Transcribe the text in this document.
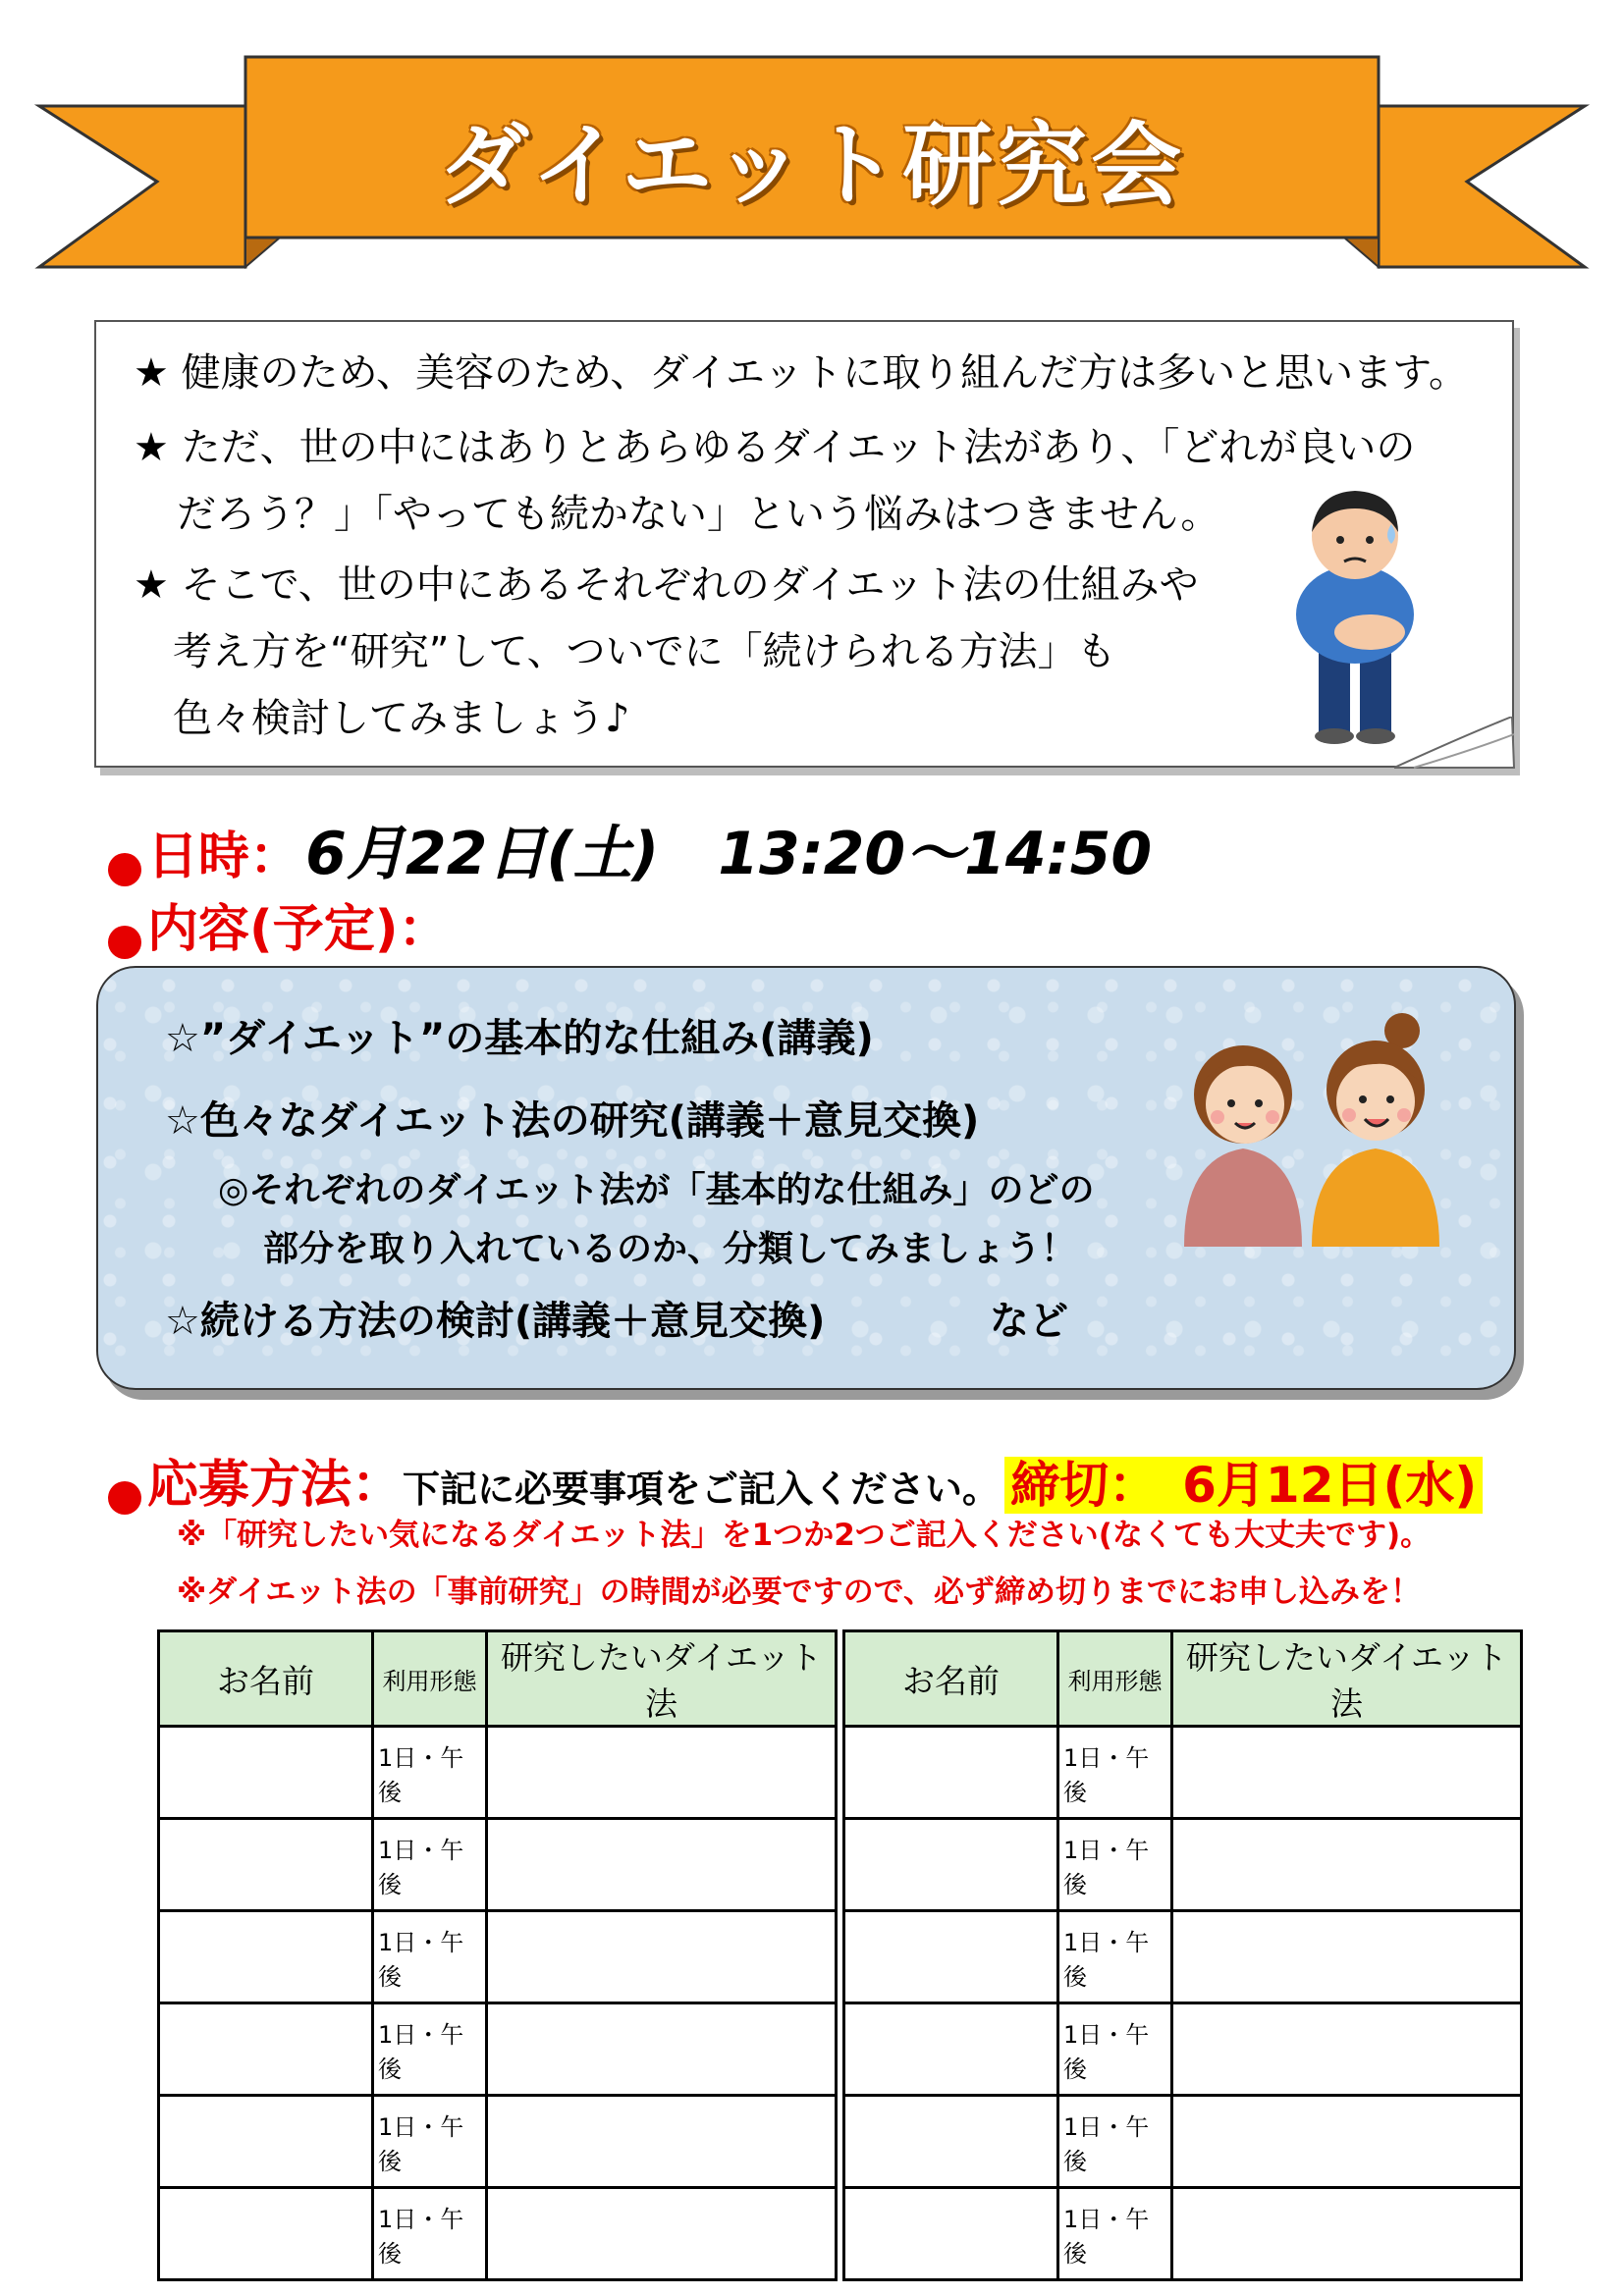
ダイエット研究会
★ 健康のため、美容のため、ダイエットに取り組んだ方は多いと思います。
★ ただ、世の中にはありとあらゆるダイエット法があり、「どれが良いの
だろう？」「やっても続かない」という悩みはつきません。
★ そこで、世の中にあるそれぞれのダイエット法の仕組みや
考え方を“研究”して、ついでに「続けられる方法」も
色々検討してみましょう♪
日時： 6月22日(土)　13:20～14:50
内容(予定)：
☆”ダイエット”の基本的な仕組み(講義)
☆色々なダイエット法の研究(講義＋意見交換)
◎それぞれのダイエット法が「基本的な仕組み」のどの
部分を取り入れているのか、分類してみましょう！
☆続ける方法の検討(講義＋意見交換)	など
応募方法：下記に必要事項をご記入ください。 締切：　6月12日(水)
※「研究したい気になるダイエット法」を1つか2つご記入ください(なくても大丈夫です)。
※ダイエット法の「事前研究」の時間が必要ですので、必ず締め切りまでにお申し込みを！
お名前	利用形態	研究したいダイエット法
	1日・午後	
	1日・午後	
	1日・午後	
	1日・午後	
	1日・午後	
	1日・午後	
お名前	利用形態	研究したいダイエット法
	1日・午後	
	1日・午後	
	1日・午後	
	1日・午後	
	1日・午後	
	1日・午後	
